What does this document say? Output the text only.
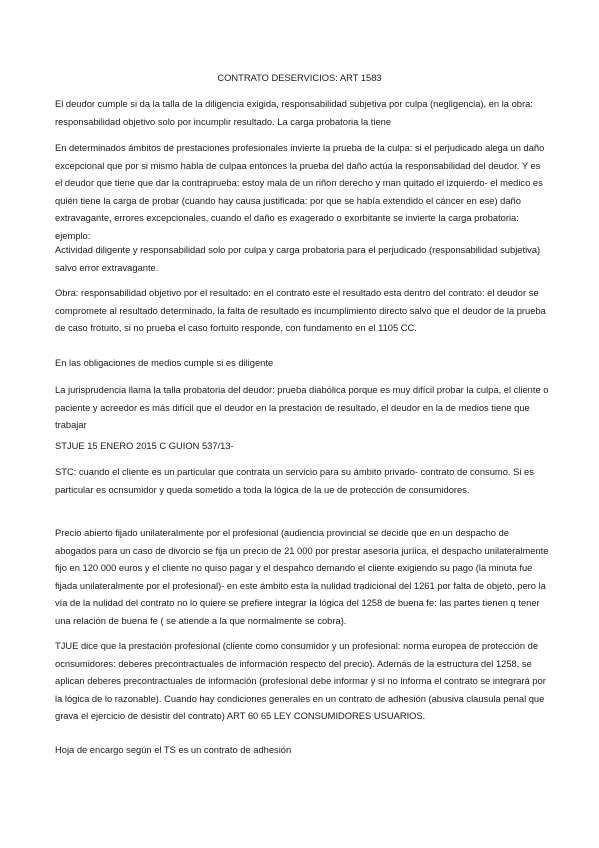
CONTRATO DESERVICIOS: ART 1583

El deudor cumple si da la talla de la diligencia exigida, responsabilidad subjetiva por culpa (negligencia), en la obra: responsabilidad objetivo solo por incumplir resultado. La carga probatoria la tiene

En determinados ámbitos de prestaciones profesionales invierte la prueba de la culpa: si el perjudicado alega un daño excepcional que por si mismo habla de culpaa entonces la prueba del daño actúa la responsabilidad del deudor. Y es el deudor que tiene que dar la contraprueba: estoy mala de un riñon derecho y man quitado el izquierdo- el medico es quién tiene la carga de probar (cuando hay causa justificada: por que se había extendido el cáncer en ese) daño extravagante, errores excepcionales, cuando el daño es exagerado o exorbitante se invierte la carga probatoria: ejemplo:

Actividad diligente y responsabilidad solo por culpa y carga probatoria para el perjudicado (responsabilidad subjetiva) salvo error extravagante.

Obra: responsabilidad objetivo por el resultado: en el contrato este el resultado esta dentro del contrato: el deudor se compromete al resultado determinado, la falta de resultado es incumplimiento directo salvo que el deudor de la prueba de caso frotuito, si no prueba el caso fortuito responde, con fundamento en el 1105 CC.

En las obligaciones de medios cumple si es diligente

La jurisprudencia llama la talla probatoria del deudor: prueba diabólica porque es muy difícil probar la culpa, el cliente o paciente y acreedor es más difícil que el deudor en la prestación de resultado, el deudor en la de medios tiene que trabajar

STJUE 15 ENERO 2015 C GUION 537/13-

STC: cuando el cliente es un particular que contrata un servicio para su ámbito privado- contrato de consumo. Si es particular es ocnsumidor y queda sometido a toda la lógica de la ue de protección de consumidores.

Precio abierto fijado unilateralmente por el profesional (audiencia provincial se decide que en un despacho de abogados para un caso de divorcio se fija un precio de 21 000 por prestar asesoría juríica, el despacho unilateralmente fijo en 120 000 euros y el cliente no quiso pagar y el despahco demando el cliente exigiendo su pago (la minuta fue fijada unilateralmente por el profesional)- en este ámbito esta la nulidad tradicional del 1261 por falta de objeto, pero la vía de la nulidad del contrato no lo quiere se prefiere integrar la lógica del 1258 de buena fe: las partes tienen q tener una relación de buena fe ( se atiende a la que normalmente se cobra).

TJUE dice que la prestación profesional (cliente como consumidor y un profesional: norma europea de protección de ocnsumidores: deberes precontractuales de información respecto del precio). Además de la estructura del 1258, se aplican deberes precontractuales de información (profesional debe informar y si no informa el contrato se integrará por la lógica de lo razonable). Cuando hay condiciones generales en un contrato de adhesión (abusiva clausula penal que grava el ejercicio de desistir del contrato) ART 60 65 LEY CONSUMIDORES USUARIOS.

Hoja de encargo según el TS es un contrato de adhesión
